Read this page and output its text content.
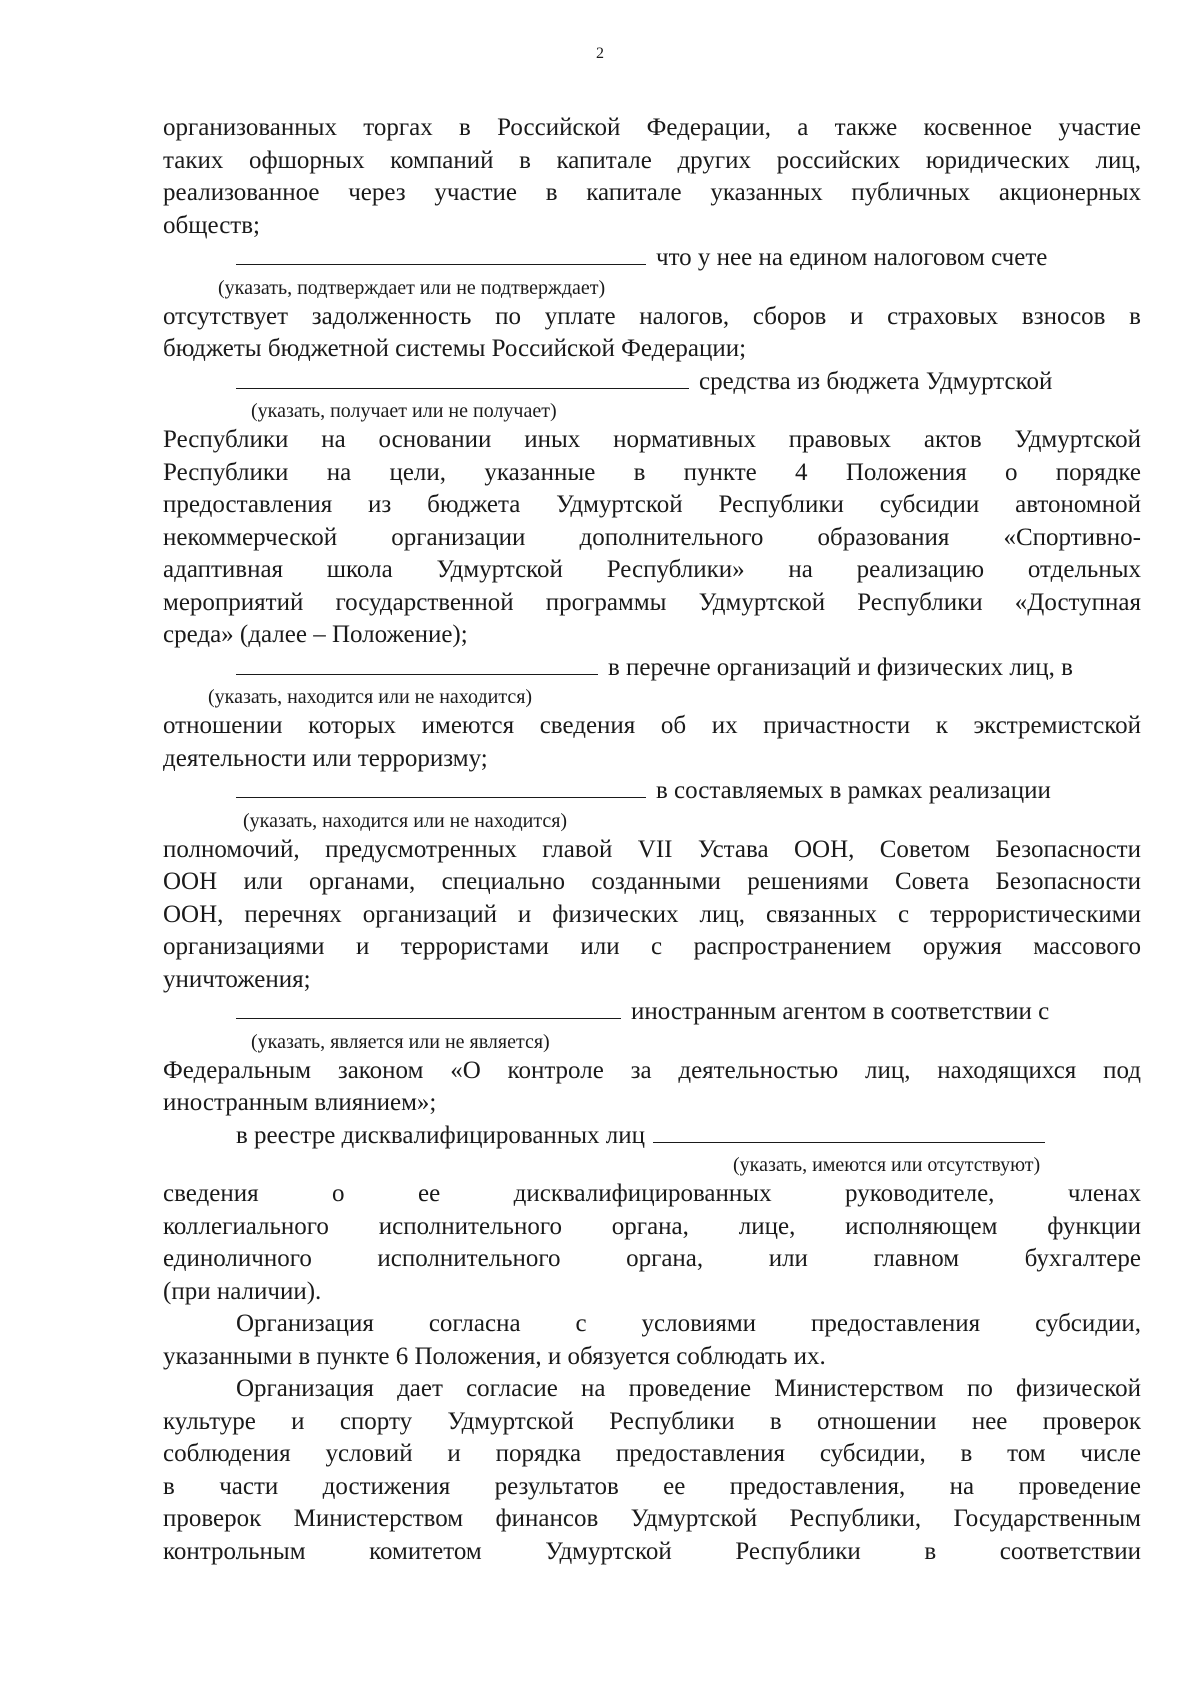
2

организованных торгах в Российской Федерации, а также косвенное участие

таких офшорных компаний в капитале других российских юридических лиц,

реализованное через участие в капитале указанных публичных акционерных

обществ;

что у нее на едином налоговом счете
(указать, подтверждает или не подтверждает)

отсутствует задолженность по уплате налогов, сборов и страховых взносов в

бюджеты бюджетной системы Российской Федерации;

средства из бюджета Удмуртской
(указать, получает или не получает)

Республики на основании иных нормативных правовых актов Удмуртской

Республики на цели, указанные в пункте 4 Положения о порядке

предоставления из бюджета Удмуртской Республики субсидии автономной

некоммерческой организации дополнительного образования «Спортивно-

адаптивная школа Удмуртской Республики» на реализацию отдельных

мероприятий государственной программы Удмуртской Республики «Доступная

среда» (далее – Положение);

в перечне организаций и физических лиц, в
(указать, находится или не находится)

отношении которых имеются сведения об их причастности к экстремистской

деятельности или терроризму;

в составляемых в рамках реализации
(указать, находится или не находится)

полномочий, предусмотренных главой VII Устава ООН, Советом Безопасности

ООН или органами, специально созданными решениями Совета Безопасности

ООН, перечнях организаций и физических лиц, связанных с террористическими

организациями и террористами или с распространением оружия массового

уничтожения;

иностранным агентом в соответствии с
(указать, является или не является)

Федеральным законом «О контроле за деятельностью лиц, находящихся под

иностранным влиянием»;

в реестре дисквалифицированных лиц
(указать, имеются или отсутствуют)

сведения о ее дисквалифицированных руководителе, членах

коллегиального исполнительного органа, лице, исполняющем функции

единоличного исполнительного органа, или главном бухгалтере

(при наличии).

Организация согласна с условиями предоставления субсидии,

указанными в пункте 6 Положения, и обязуется соблюдать их.

Организация дает согласие на проведение Министерством по физической

культуре и спорту Удмуртской Республики в отношении нее проверок

соблюдения условий и порядка предоставления субсидии, в том числе

в части достижения результатов ее предоставления, на проведение

проверок Министерством финансов Удмуртской Республики, Государственным

контрольным комитетом Удмуртской Республики в соответствии
